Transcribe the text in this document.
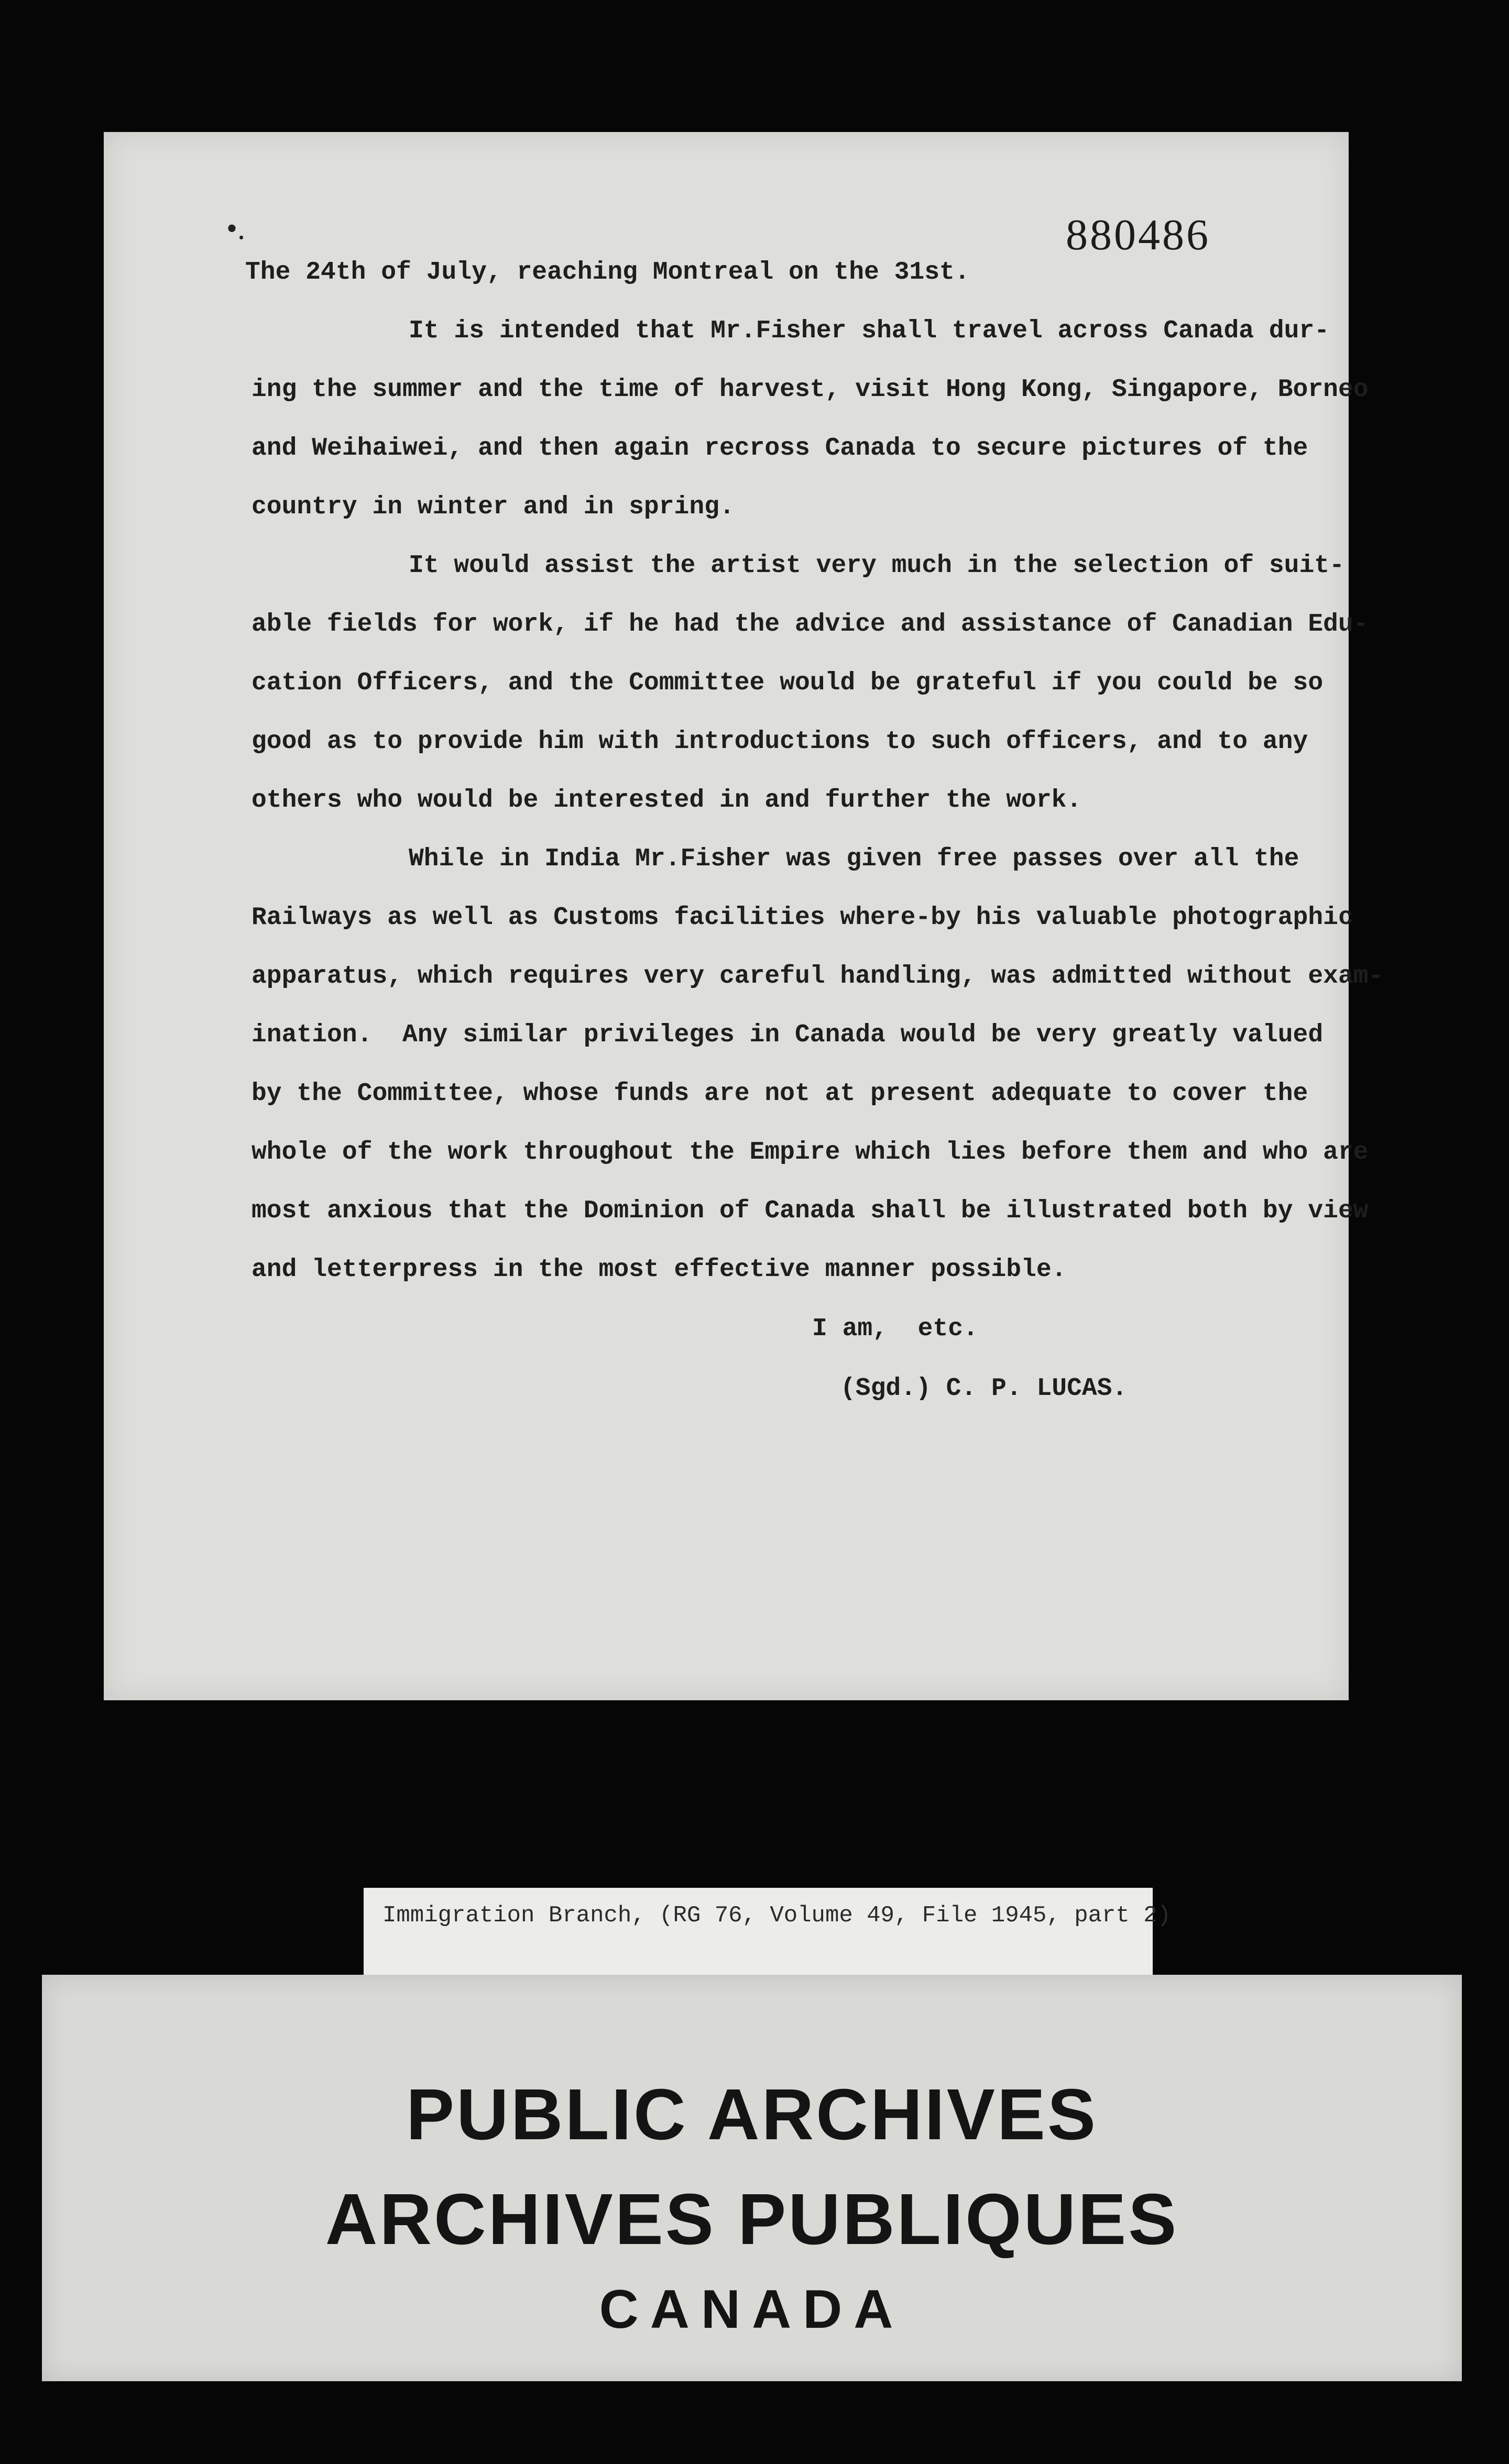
•.	880486
The 24th of July, reaching Montreal on the 31st.
It is intended that Mr.Fisher shall travel across Canada dur-
ing the summer and the time of harvest, visit Hong Kong, Singapore, Borneo
and Weihaiwei, and then again recross Canada to secure pictures of the
country in winter and in spring.
It would assist the artist very much in the selection of suit-
able fields for work, if he had the advice and assistance of Canadian Edu-
cation Officers, and the Committee would be grateful if you could be so
good as to provide him with introductions to such officers, and to any
others who would be interested in and further the work.
While in India Mr.Fisher was given free passes over all the
Railways as well as Customs facilities where-by his valuable photographic
apparatus, which requires very careful handling, was admitted without exam-
ination.  Any similar privileges in Canada would be very greatly valued
by the Committee, whose funds are not at present adequate to cover the
whole of the work throughout the Empire which lies before them and who are
most anxious that the Dominion of Canada shall be illustrated both by view
and letterpress in the most effective manner possible.
I am,  etc.
(Sgd.) C. P. LUCAS.
Immigration Branch, (RG 76, Volume 49, File 1945, part 2)
PUBLIC ARCHIVES
ARCHIVES PUBLIQUES
CANADA
